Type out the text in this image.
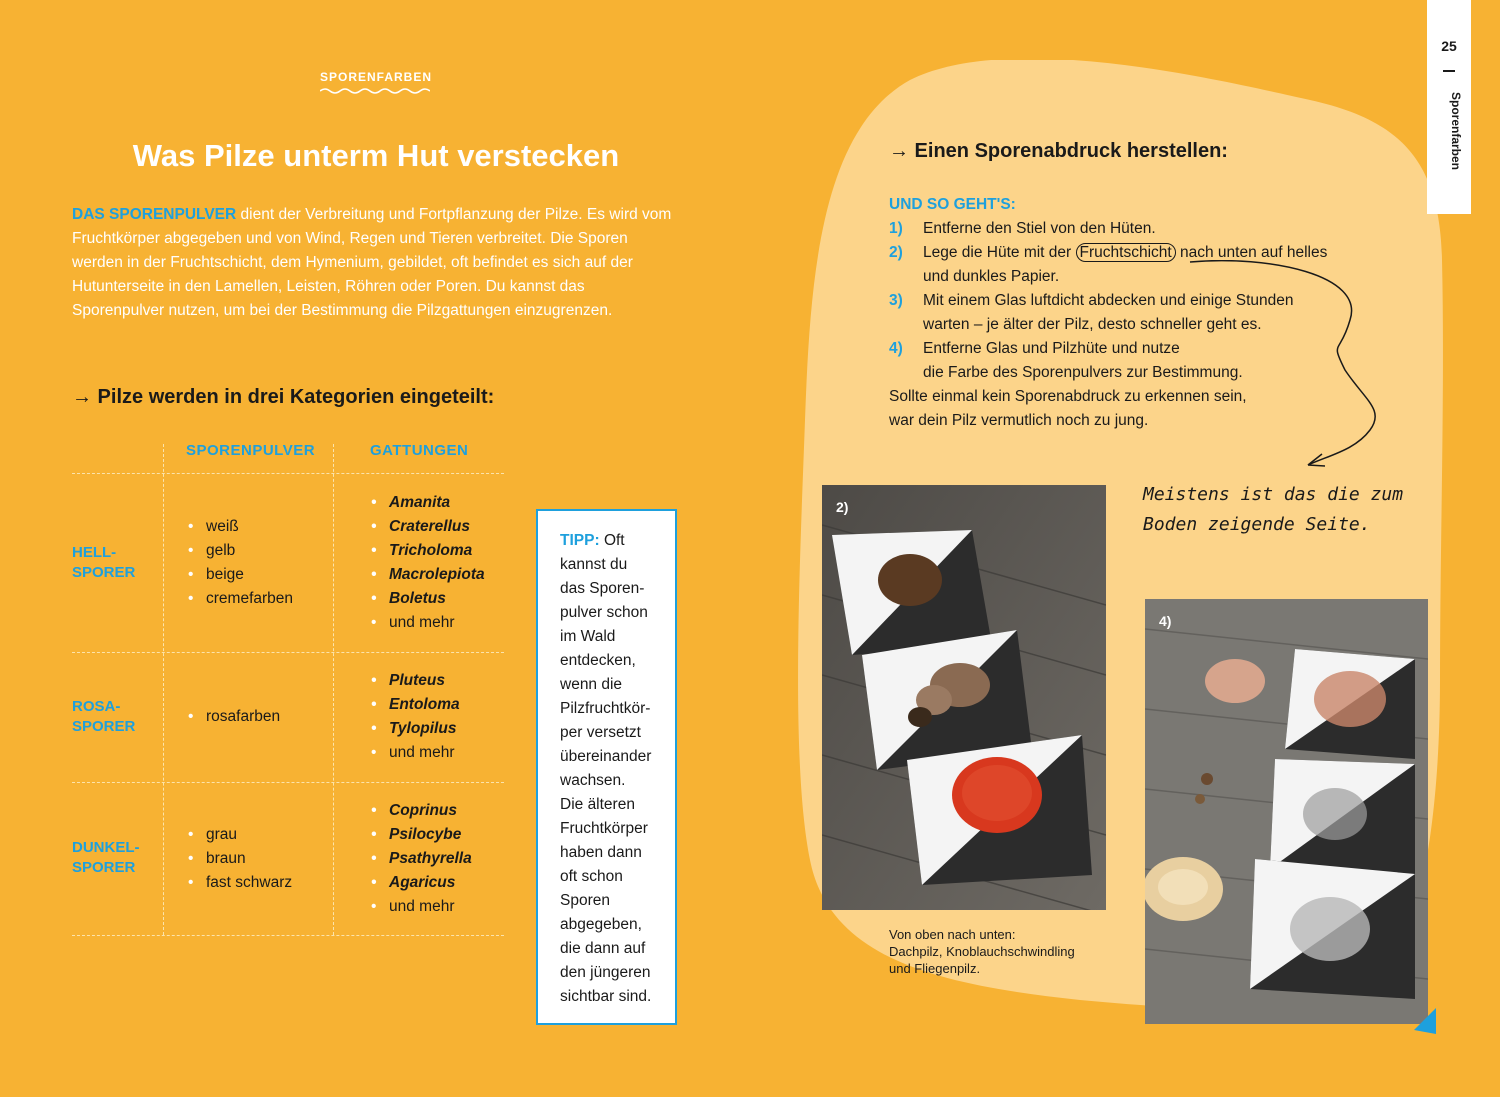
SPORENFARBEN
Was Pilze unterm Hut verstecken
DAS SPORENPULVER dient der Verbreitung und Fortpflanzung der Pilze. Es wird vom Fruchtkörper abgegeben und von Wind, Regen und Tieren verbreitet. Die Sporen werden in der Fruchtschicht, dem Hymenium, gebildet, oft befindet es sich auf der Hutunterseite in den Lamellen, Leisten, Röhren oder Poren. Du kannst das Sporenpulver nutzen, um bei der Bestimmung die Pilzgattungen einzugrenzen.
→ Pilze werden in drei Kategorien eingeteilt:
SPORENPULVER	GATTUNGEN
HELL-
SPORER
• weiß
• gelb
• beige
• cremefarben
• Amanita
• Craterellus
• Tricholoma
• Macrolepiota
• Boletus
• und mehr
ROSA-
SPORER
• rosafarben
• Pluteus
• Entoloma
• Tylopilus
• und mehr
DUNKEL-
SPORER
• grau
• braun
• fast schwarz
• Coprinus
• Psilocybe
• Psathyrella
• Agaricus
• und mehr
TIPP: Oft
kannst du
das Sporen-
pulver schon
im Wald
entdecken,
wenn die
Pilzfruchtkör-
per versetzt
übereinander
wachsen.
Die älteren
Fruchtkörper
haben dann
oft schon
Sporen
abgegeben,
die dann auf
den jüngeren
sichtbar sind.
→ Einen Sporenabdruck herstellen:
UND SO GEHT'S:
1) Entferne den Stiel von den Hüten.
2) Lege die Hüte mit der Fruchtschicht nach unten auf helles
und dunkles Papier.
3) Mit einem Glas luftdicht abdecken und einige Stunden
warten – je älter der Pilz, desto schneller geht es.
4) Entferne Glas und Pilzhüte und nutze
die Farbe des Sporenpulvers zur Bestimmung.
Sollte einmal kein Sporenabdruck zu erkennen sein,
war dein Pilz vermutlich noch zu jung.
Meistens ist das die zum
Boden zeigende Seite.
2)
Von oben nach unten:
Dachpilz, Knoblauchschwindling
und Fliegenpilz.
4)
25
Sporenfarben
